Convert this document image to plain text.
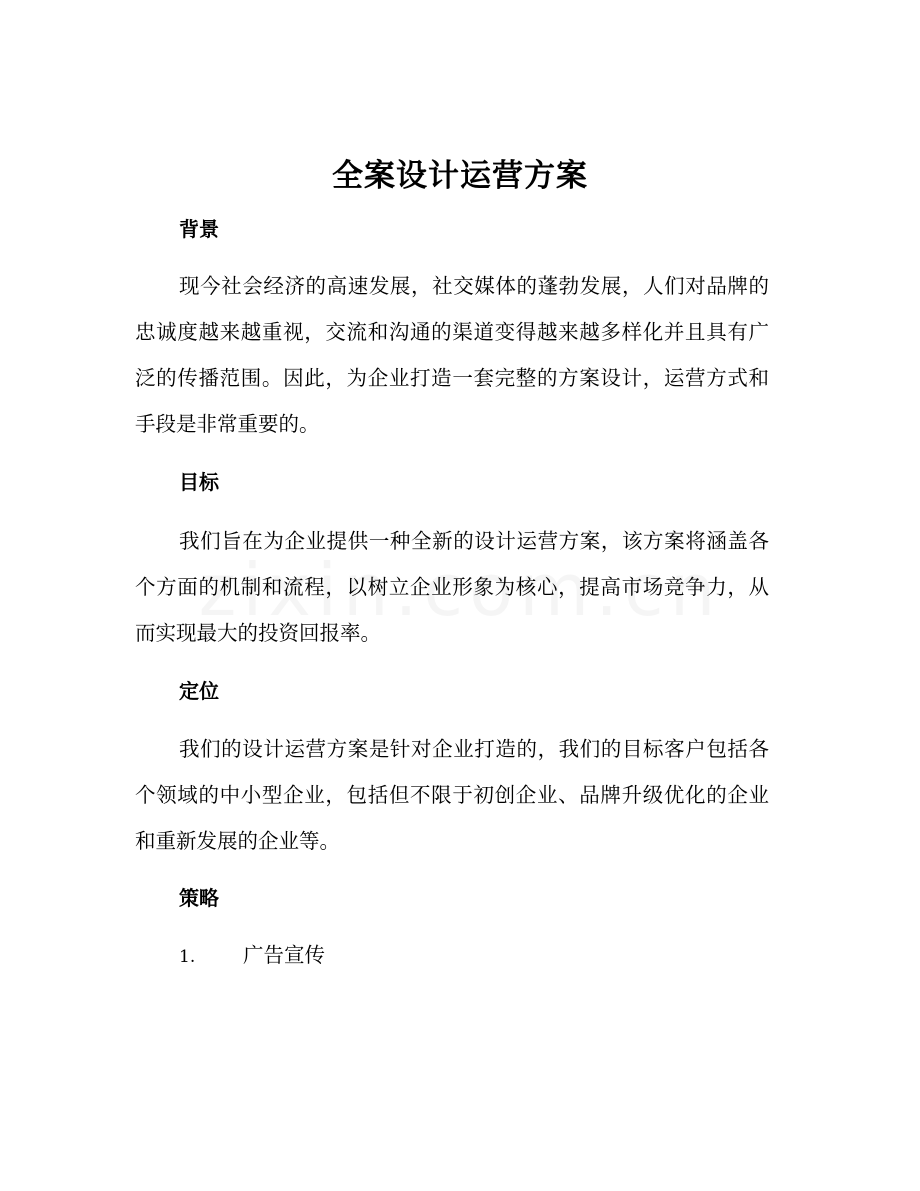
全案设计运营方案
背景

现今社会经济的高速发展，社交媒体的蓬勃发展，人们对品牌的忠诚度越来越重视，交流和沟通的渠道变得越来越多样化并且具有广泛的传播范围。因此，为企业打造一套完整的方案设计，运营方式和手段是非常重要的。

目标

我们旨在为企业提供一种全新的设计运营方案，该方案将涵盖各个方面的机制和流程，以树立企业形象为核心，提高市场竞争力，从而实现最大的投资回报率。

定位

我们的设计运营方案是针对企业打造的，我们的目标客户包括各个领域的中小型企业，包括但不限于初创企业、品牌升级优化的企业和重新发展的企业等。

策略
1. 广告宣传
